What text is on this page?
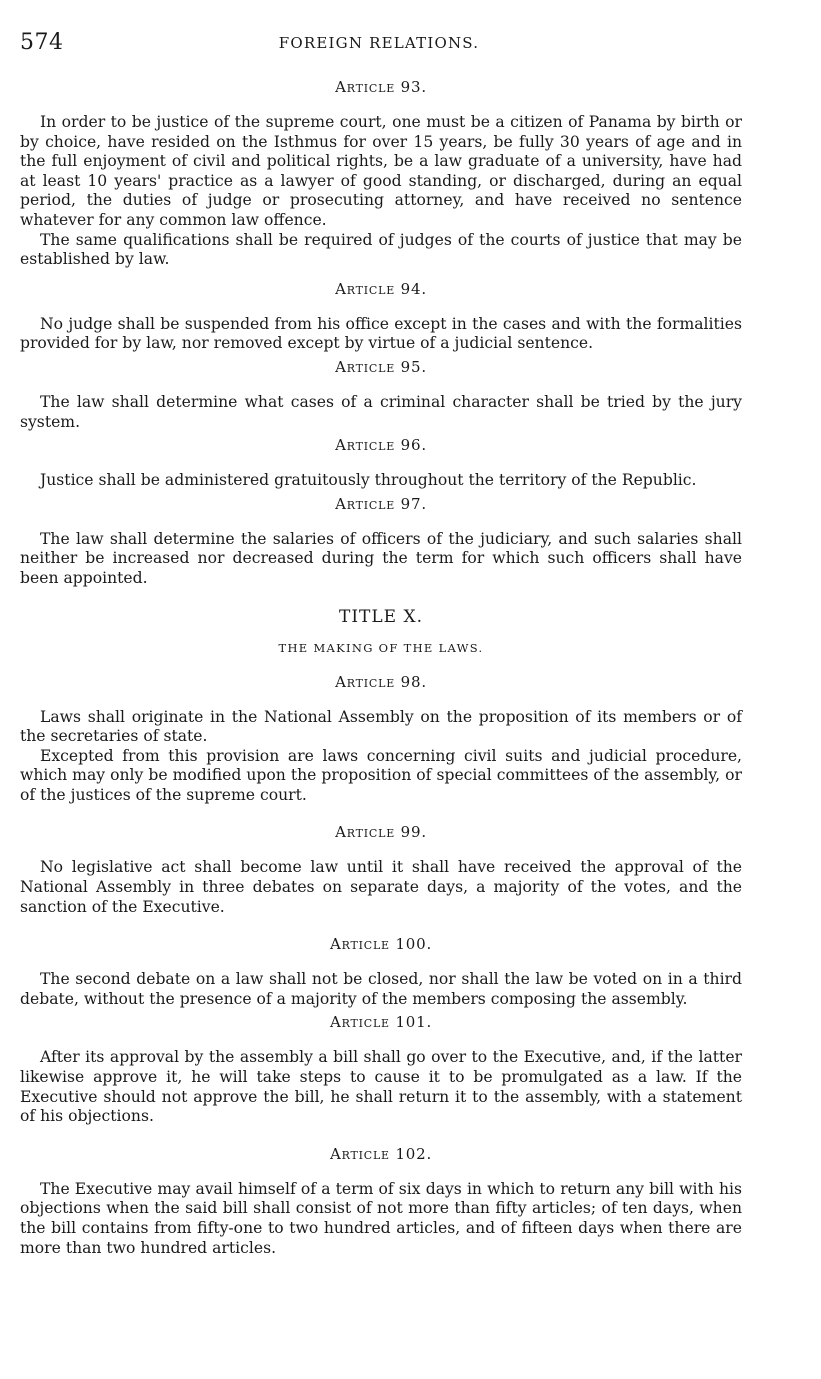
574	FOREIGN RELATIONS.

Article 93.

In order to be justice of the supreme court, one must be a citizen of Panama by birth or by choice, have resided on the Isthmus for over 15 years, be fully 30 years of age and in the full enjoyment of civil and political rights, be a law graduate of a university, have had at least 10 years' practice as a lawyer of good standing, or discharged, during an equal period, the duties of judge or prosecuting attorney, and have received no sentence whatever for any common law offence.

The same qualifications shall be required of judges of the courts of justice that may be established by law.

Article 94.

No judge shall be suspended from his office except in the cases and with the formalities provided for by law, nor removed except by virtue of a judicial sentence.

Article 95.

The law shall determine what cases of a criminal character shall be tried by the jury system.

Article 96.

Justice shall be administered gratuitously throughout the territory of the Republic.

Article 97.

The law shall determine the salaries of officers of the judiciary, and such salaries shall neither be increased nor decreased during the term for which such officers shall have been appointed.

TITLE X.

THE MAKING OF THE LAWS.

Article 98.

Laws shall originate in the National Assembly on the proposition of its members or of the secretaries of state.

Excepted from this provision are laws concerning civil suits and judicial procedure, which may only be modified upon the proposition of special committees of the assembly, or of the justices of the supreme court.

Article 99.

No legislative act shall become law until it shall have received the approval of the National Assembly in three debates on separate days, a majority of the votes, and the sanction of the Executive.

Article 100.

The second debate on a law shall not be closed, nor shall the law be voted on in a third debate, without the presence of a majority of the members composing the assembly.

Article 101.

After its approval by the assembly a bill shall go over to the Executive, and, if the latter likewise approve it, he will take steps to cause it to be promulgated as a law. If the Executive should not approve the bill, he shall return it to the assembly, with a statement of his objections.

Article 102.

The Executive may avail himself of a term of six days in which to return any bill with his objections when the said bill shall consist of not more than fifty articles; of ten days, when the bill contains from fifty-one to two hundred articles, and of fifteen days when there are more than two hundred articles.
